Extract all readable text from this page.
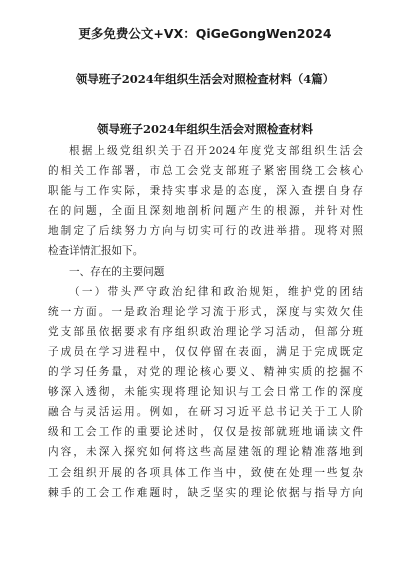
更多免费公文+VX：QiGeGongWen2024
领导班子2024年组织生活会对照检查材料（4篇）
领导班子2024年组织生活会对照检查材料
根据上级党组织关于召开2024年度党支部组织生活会
的相关工作部署，市总工会党支部班子紧密围绕工会核心
职能与工作实际，秉持实事求是的态度，深入查摆自身存
在的问题，全面且深刻地剖析问题产生的根源，并针对性
地制定了后续努力方向与切实可行的改进举措。现将对照
检查详情汇报如下。
一、存在的主要问题
（一）带头严守政治纪律和政治规矩，维护党的团结
统一方面。一是政治理论学习流于形式，深度与实效欠佳
党支部虽依据要求有序组织政治理论学习活动，但部分班
子成员在学习进程中，仅仅停留在表面，满足于完成既定
的学习任务量，对党的理论核心要义、精神实质的挖掘不
够深入透彻，未能实现将理论知识与工会日常工作的深度
融合与灵活运用。例如，在研习习近平总书记关于工人阶
级和工会工作的重要论述时，仅仅是按部就班地诵读文件
内容，未深入探究如何将这些高屋建瓴的理论精准落地到
工会组织开展的各项具体工作当中，致使在处理一些复杂
棘手的工会工作难题时，缺乏坚实的理论依据与指导方向
